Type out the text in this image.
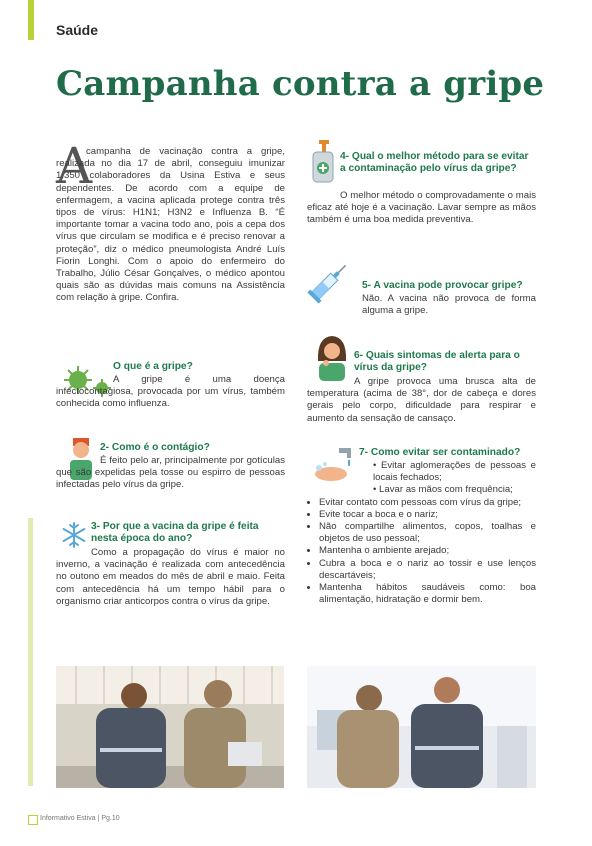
Saúde
Campanha contra a gripe
A
campanha de vacinação contra a gripe, realizada no dia 17 de abril, conseguiu imunizar 1.350 colaboradores da Usina Estiva e seus dependentes. De acordo com a equipe de enfermagem, a vacina aplicada protege contra três tipos de vírus: H1N1; H3N2 e Influenza B. “É importante tomar a vacina todo ano, pois a cepa dos vírus que circulam se modifica e é preciso renovar a proteção”, diz o médico pneumologista André Luís Fiorin Longhi. Com o apoio do enfermeiro do Trabalho, Júlio César Gonçalves, o médico apontou quais são as dúvidas mais comuns na Assistência com relação à gripe. Confira.
O que é a gripe?
A gripe é uma doença infectocontagiosa, provocada por um vírus, também conhecida como influenza.
2- Como é o contágio?
É feito pelo ar, principalmente por gotículas que são expelidas pela tosse ou espirro de pessoas infectadas pelo vírus da gripe.
3- Por que a vacina da gripe é feita nesta época do ano?
Como a propagação do vírus é maior no inverno, a vacinação é realizada com antecedência no outono em meados do mês de abril e maio. Feita com antecedência há um tempo hábil para o organismo criar anticorpos contra o vírus da gripe.
4- Qual o melhor método para se evitar a contaminação pelo vírus da gripe?
O melhor método o comprovadamente o mais eficaz até hoje é a vacinação. Lavar sempre as mãos também é uma boa medida preventiva.
5- A vacina pode provocar gripe?
Não. A vacina não provoca de forma alguma a gripe.
6- Quais sintomas de alerta para o vírus da gripe?
A gripe provoca uma brusca alta de temperatura (acima de 38°, dor de cabeça e dores gerais pelo corpo, dificuldade para respirar e aumento da sensação de cansaço.
7- Como evitar ser contaminado?
• Evitar aglomerações de pessoas e locais fechados;
• Lavar as mãos com frequência;
• Evitar contato com pessoas com vírus da gripe;
• Evite tocar a boca e o nariz;
• Não compartilhe alimentos, copos, toalhas e objetos de uso pessoal;
• Mantenha o ambiente arejado;
• Cubra a boca e o nariz ao tossir e use lenços descartáveis;
• Mantenha hábitos saudáveis como: boa alimentação, hidratação e dormir bem.
Informativo Estiva | Pg.10
